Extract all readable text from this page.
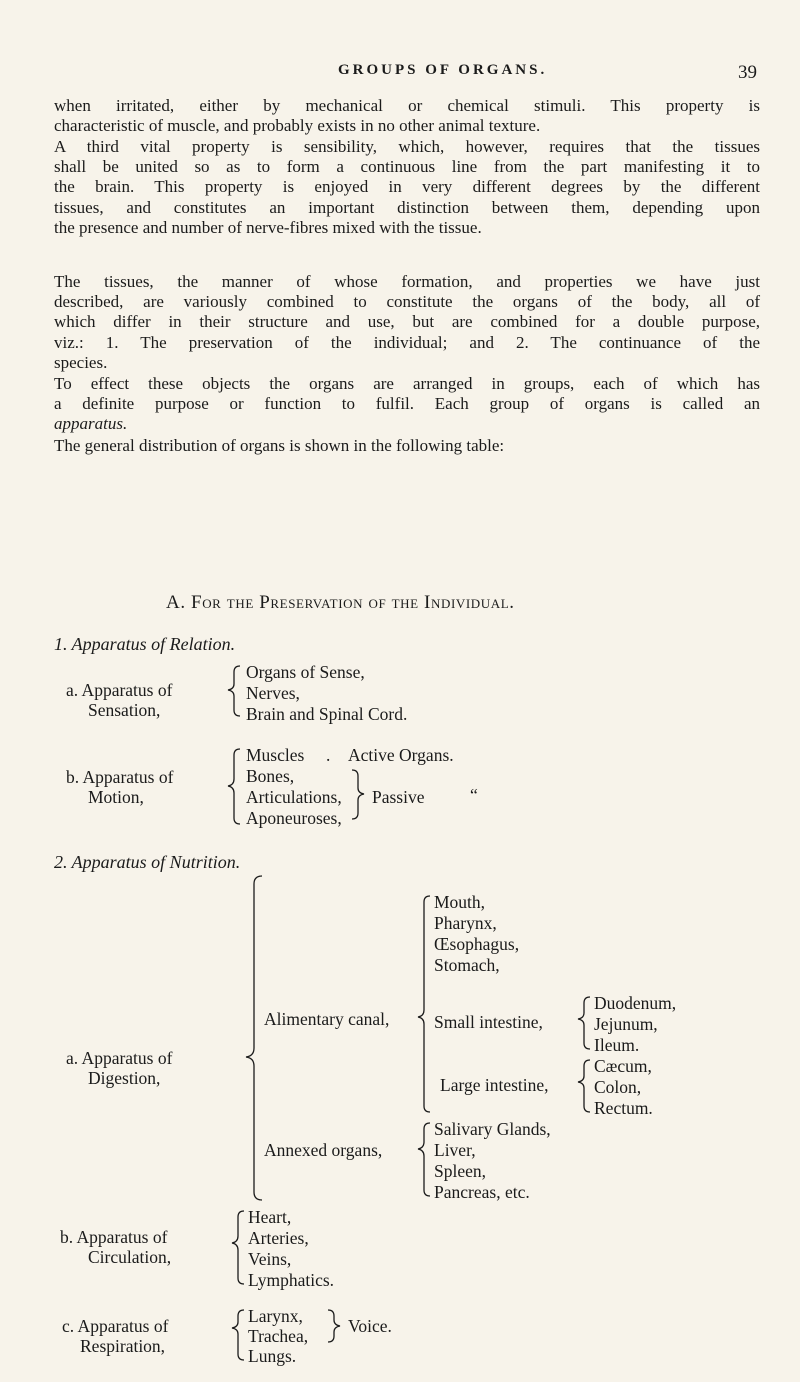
GROUPS OF ORGANS.	39

when irritated, either by mechanical or chemical stimuli. This property is
characteristic of muscle, and probably exists in no other animal texture.

A third vital property is sensibility, which, however, requires that the tissues
shall be united so as to form a continuous line from the part manifesting it to
the brain. This property is enjoyed in very different degrees by the different
tissues, and constitutes an important distinction between them, depending upon
the presence and number of nerve-fibres mixed with the tissue.

The tissues, the manner of whose formation, and properties we have just
described, are variously combined to constitute the organs of the body, all of
which differ in their structure and use, but are combined for a double purpose,
viz.: 1. The preservation of the individual; and 2. The continuance of the
species.

To effect these objects the organs are arranged in groups, each of which has
a definite purpose or function to fulfil. Each group of organs is called an
apparatus.

The general distribution of organs is shown in the following table:

A. For the Preservation of the Individual.
1. Apparatus of Relation.
a. Apparatus of
Sensation,
Organs of Sense,
Nerves,
Brain and Spinal Cord.
b. Apparatus of
Motion,
Muscles . Active Organs.
Bones,
Articulations,
Aponeuroses,
Passive	“
2. Apparatus of Nutrition.
a. Apparatus of
Digestion,
Alimentary canal,
Mouth,
Pharynx,
Œsophagus,
Stomach,
Small intestine,
Duodenum,
Jejunum,
Ileum.
Large intestine,
Cæcum,
Colon,
Rectum.
Annexed organs,
Salivary Glands,
Liver,
Spleen,
Pancreas, etc.
b. Apparatus of
Circulation,
Heart,
Arteries,
Veins,
Lymphatics.
c. Apparatus of
Respiration,
Larynx,
Trachea,
Lungs.
Voice.
